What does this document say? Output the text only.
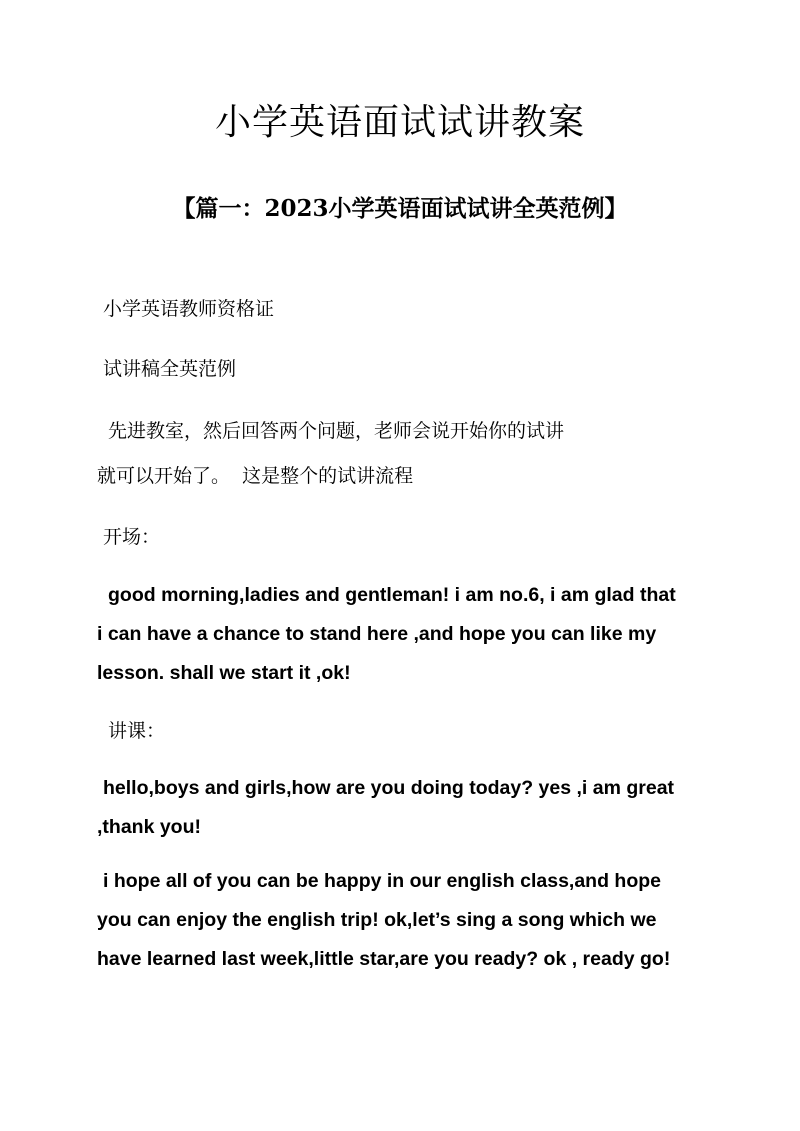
小学英语面试试讲教案
【篇一：2023小学英语面试试讲全英范例】

小学英语教师资格证

试讲稿全英范例

先进教室，然后回答两个问题，老师会说开始你的试讲

就可以开始了。  这是整个的试讲流程

开场：

good morning,ladies and gentleman! i am no.6, i am glad that
i can have a chance to stand here ,and hope you can like my
lesson. shall we start it ,ok!

讲课：

hello,boys and girls,how are you doing today? yes ,i am great
,thank you!
i hope all of you can be happy in our english class,and hope
you can enjoy the english trip! ok,let’s sing a song which we
have learned last week,little star,are you ready? ok , ready go!
